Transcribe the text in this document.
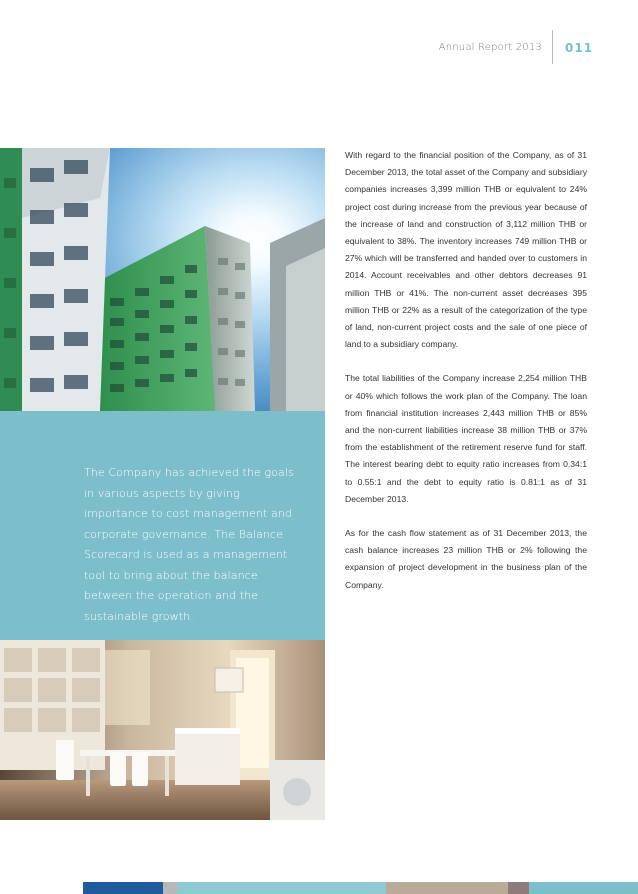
Annual Report 2013 011
The Company has achieved the goals in various aspects by giving importance to cost management and corporate governance. The Balance Scorecard is used as a management tool to bring about the balance between the operation and the sustainable growth.

With regard to the financial position of the Company, as of 31 December 2013, the total asset of the Company and subsidiary companies increases 3,399 million THB or equivalent to 24% project cost during increase from the previous year because of the increase of land and construction of 3,112 million THB or equivalent to 38%. The inventory increases 749 million THB or 27% which will be transferred and handed over to customers in 2014. Account receivables and other debtors decreases 91 million THB or 41%. The non-current asset decreases 395 million THB or 22% as a result of the categorization of the type of land, non-current project costs and the sale of one piece of land to a subsidiary company.

The total liabilities of the Company increase 2,254 million THB or 40% which follows the work plan of the Company. The loan from financial institution increases 2,443 million THB or 85% and the non-current liabilities increase 38 million THB or 37% from the establishment of the retirement reserve fund for staff. The interest bearing debt to equity ratio increases from 0.34:1 to 0.55:1 and the debt to equity ratio is 0.81:1 as of 31 December 2013.

As for the cash flow statement as of 31 December 2013, the cash balance increases 23 million THB or 2% following the expansion of project development in the business plan of the Company.
